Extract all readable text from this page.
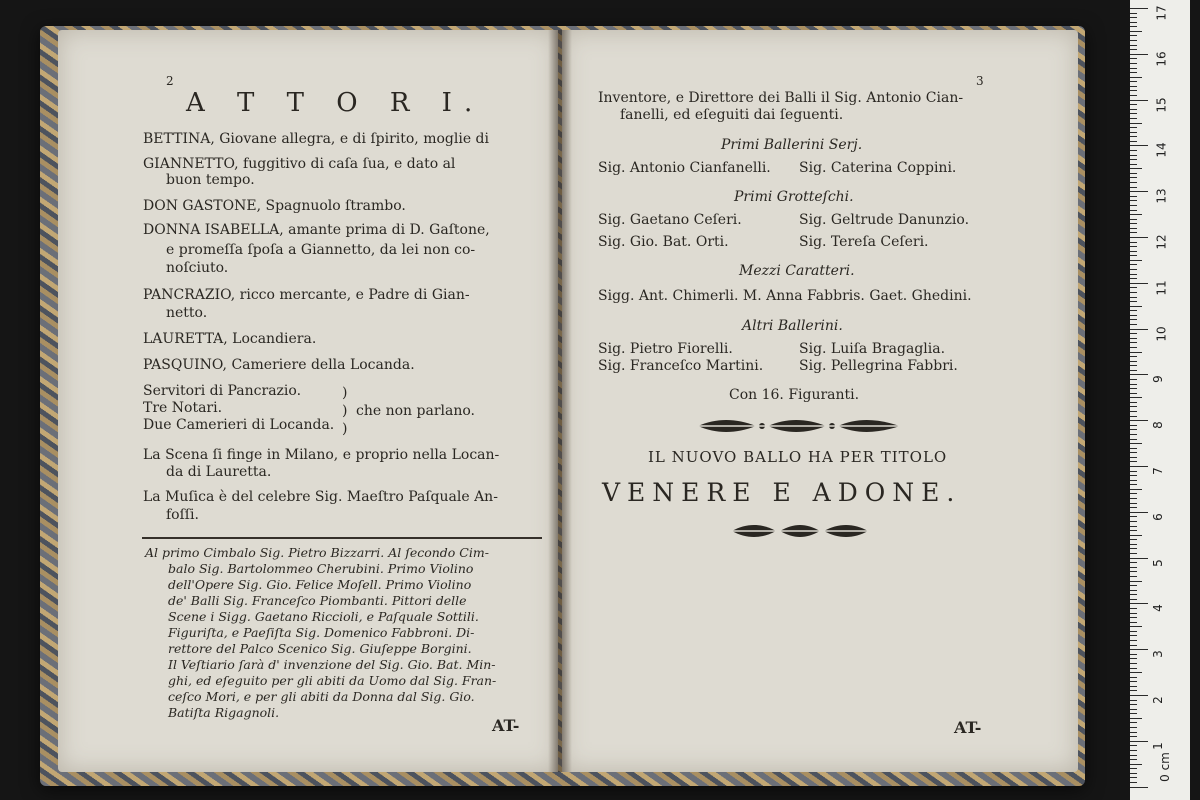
2
A T T O R I.
BETTINA, Giovane allegra, e di ſpirito, moglie di
GIANNETTO, fuggitivo di caſa ſua, e dato al
buon tempo.
DON GASTONE, Spagnuolo ſtrambo.
DONNA ISABELLA, amante prima di D. Gaſtone,
e promeſſa ſpoſa a Giannetto, da lei non co-
noſciuto.
PANCRAZIO, ricco mercante, e Padre di Gian-
netto.
LAURETTA, Locandiera.
PASQUINO, Cameriere della Locanda.
Servitori di Pancrazio.
Tre Notari.
Due Camerieri di Locanda.
)
)
)
che non parlano.
La Scena ſi finge in Milano, e proprio nella Locan-
da di Lauretta.
La Muſica è del celebre Sig. Maeſtro Paſquale An-
foſſi.
Al primo Cimbalo Sig. Pietro Bizzarri. Al ſecondo Cim-
balo Sig. Bartolommeo Cherubini. Primo Violino
dell'Opere Sig. Gio. Felice Moſell. Primo Violino
de' Balli Sig. Franceſco Piombanti. Pittori delle
Scene i Sigg. Gaetano Riccioli, e Paſquale Sottili.
Figuriſta, e Paeſiſta Sig. Domenico Fabbroni. Di-
rettore del Palco Scenico Sig. Giuſeppe Borgini.
Il Veſtiario ſarà d' invenzione del Sig. Gio. Bat. Min-
ghi, ed eſeguito per gli abiti da Uomo dal Sig. Fran-
ceſco Mori, e per gli abiti da Donna dal Sig. Gio.
Batiſta Rigagnoli.
AT-
3
Inventore, e Direttore dei Balli il Sig. Antonio Cian-
fanelli, ed eſeguiti dai ſeguenti.
Primi Ballerini Serj.
Sig. Antonio Cianfanelli. Sig. Caterina Coppini.
Primi Grotteſchi.
Sig. Gaetano Ceſeri.	Sig. Geltrude Danunzio.
Sig. Gio. Bat. Orti.	Sig. Tereſa Ceſeri.
Mezzi Caratteri.
Sigg. Ant. Chimerli. M. Anna Fabbris. Gaet. Ghedini.
Altri Ballerini.
Sig. Pietro Fiorelli.	Sig. Luiſa Bragaglia.
Sig. Franceſco Martini.	Sig. Pellegrina Fabbri.
Con 16. Figuranti.
IL NUOVO BALLO HA PER TITOLO
VENERE E ADONE.
AT-
17
16
15
14
13
12
11
10
9
8
7
6
5
4
3
2
1
0 cm
